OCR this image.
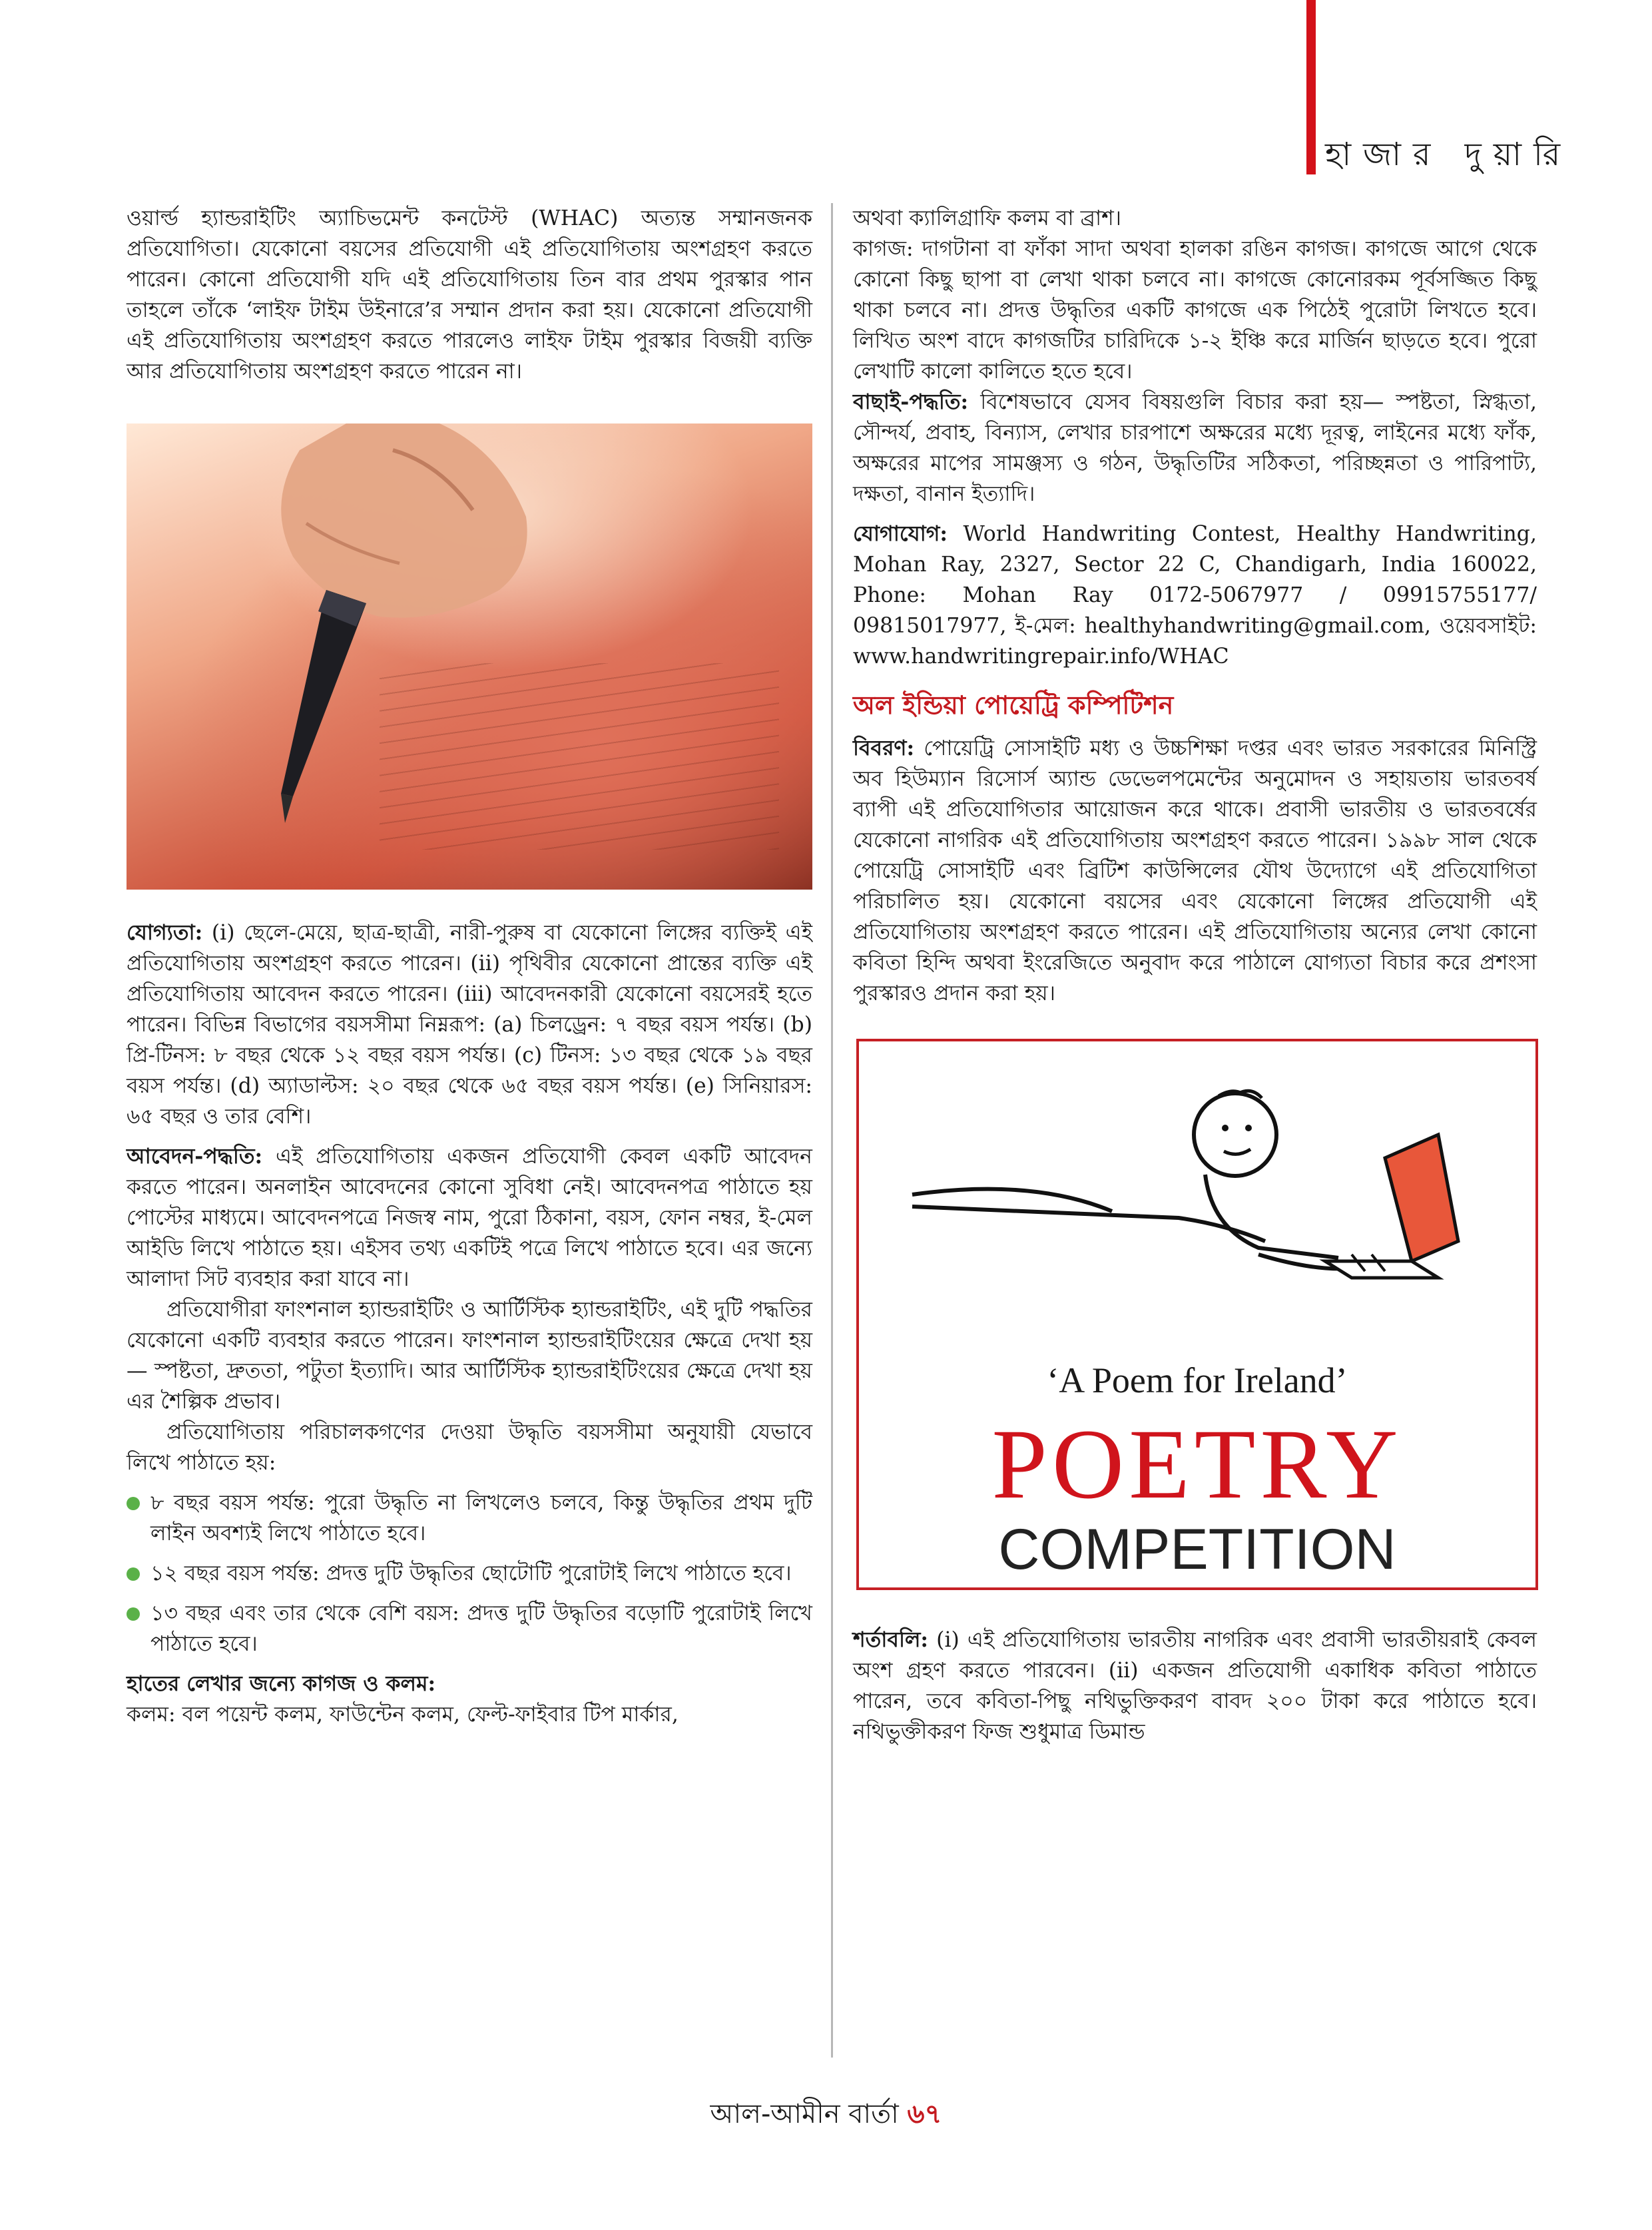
হাজার দুয়ারি

ওয়ার্ল্ড হ্যান্ডরাইটিং অ্যাচিভমেন্ট কনটেস্ট (WHAC) অত্যন্ত সম্মানজনক প্রতিযোগিতা। যেকোনো বয়সের প্রতিযোগী এই প্রতিযোগিতায় অংশগ্রহণ করতে পারেন। কোনো প্রতিযোগী যদি এই প্রতিযোগিতায় তিন বার প্রথম পুরস্কার পান তাহলে তাঁকে ‘লাইফ টাইম উইনারে’র সম্মান প্রদান করা হয়। যেকোনো প্রতিযোগী এই প্রতিযোগিতায় অংশগ্রহণ করতে পারলেও লাইফ টাইম পুরস্কার বিজয়ী ব্যক্তি আর প্রতিযোগিতায় অংশগ্রহণ করতে পারেন না।

যোগ্যতা: (i) ছেলে-মেয়ে, ছাত্র-ছাত্রী, নারী-পুরুষ বা যেকোনো লিঙ্গের ব্যক্তিই এই প্রতিযোগিতায় অংশগ্রহণ করতে পারেন। (ii) পৃথিবীর যেকোনো প্রান্তের ব্যক্তি এই প্রতিযোগিতায় আবেদন করতে পারেন। (iii) আবেদনকারী যেকোনো বয়সেরই হতে পারেন। বিভিন্ন বিভাগের বয়সসীমা নিম্নরূপ: (a) চিলড্রেন: ৭ বছর বয়স পর্যন্ত। (b) প্রি-টিনস: ৮ বছর থেকে ১২ বছর বয়স পর্যন্ত। (c) টিনস: ১৩ বছর থেকে ১৯ বছর বয়স পর্যন্ত। (d) অ্যাডাল্টস: ২০ বছর থেকে ৬৫ বছর বয়স পর্যন্ত। (e) সিনিয়ারস: ৬৫ বছর ও তার বেশি।

আবেদন-পদ্ধতি: এই প্রতিযোগিতায় একজন প্রতিযোগী কেবল একটি আবেদন করতে পারেন। অনলাইন আবেদনের কোনো সুবিধা নেই। আবেদনপত্র পাঠাতে হয় পোস্টের মাধ্যমে। আবেদনপত্রে নিজস্ব নাম, পুরো ঠিকানা, বয়স, ফোন নম্বর, ই-মেল আইডি লিখে পাঠাতে হয়। এইসব তথ্য একটিই পত্রে লিখে পাঠাতে হবে। এর জন্যে আলাদা সিট ব্যবহার করা যাবে না।

প্রতিযোগীরা ফাংশনাল হ্যান্ডরাইটিং ও আর্টিস্টিক হ্যান্ডরাইটিং, এই দুটি পদ্ধতির যেকোনো একটি ব্যবহার করতে পারেন। ফাংশনাল হ্যান্ডরাইটিংয়ের ক্ষেত্রে দেখা হয়— স্পষ্টতা, দ্রুততা, পটুতা ইত্যাদি। আর আর্টিস্টিক হ্যান্ডরাইটিংয়ের ক্ষেত্রে দেখা হয় এর শৈল্পিক প্রভাব।

প্রতিযোগিতায় পরিচালকগণের দেওয়া উদ্ধৃতি বয়সসীমা অনুযায়ী যেভাবে লিখে পাঠাতে হয়:

৮ বছর বয়স পর্যন্ত: পুরো উদ্ধৃতি না লিখলেও চলবে, কিন্তু উদ্ধৃতির প্রথম দুটি লাইন অবশ্যই লিখে পাঠাতে হবে।

১২ বছর বয়স পর্যন্ত: প্রদত্ত দুটি উদ্ধৃতির ছোটোটি পুরোটাই লিখে পাঠাতে হবে।

১৩ বছর এবং তার থেকে বেশি বয়স: প্রদত্ত দুটি উদ্ধৃতির বড়োটি পুরোটাই লিখে পাঠাতে হবে।

হাতের লেখার জন্যে কাগজ ও কলম:

কলম: বল পয়েন্ট কলম, ফাউন্টেন কলম, ফেল্ট-ফাইবার টিপ মার্কার,

অথবা ক্যালিগ্রাফি কলম বা ব্রাশ।

কাগজ: দাগটানা বা ফাঁকা সাদা অথবা হালকা রঙিন কাগজ। কাগজে আগে থেকে কোনো কিছু ছাপা বা লেখা থাকা চলবে না। কাগজে কোনোরকম পূর্বসজ্জিত কিছু থাকা চলবে না। প্রদত্ত উদ্ধৃতির একটি কাগজে এক পিঠেই পুরোটা লিখতে হবে। লিখিত অংশ বাদে কাগজটির চারিদিকে ১-২ ইঞ্চি করে মার্জিন ছাড়তে হবে। পুরো লেখাটি কালো কালিতে হতে হবে।

বাছাই-পদ্ধতি: বিশেষভাবে যেসব বিষয়গুলি বিচার করা হয়— স্পষ্টতা, স্নিগ্ধতা, সৌন্দর্য, প্রবাহ, বিন্যাস, লেখার চারপাশে অক্ষরের মধ্যে দূরত্ব, লাইনের মধ্যে ফাঁক, অক্ষরের মাপের সামঞ্জস্য ও গঠন, উদ্ধৃতিটির সঠিকতা, পরিচ্ছন্নতা ও পারিপাট্য, দক্ষতা, বানান ইত্যাদি।

যোগাযোগ: World Handwriting Contest, Healthy Handwriting, Mohan Ray, 2327, Sector 22 C, Chandigarh, India 160022, Phone: Mohan Ray 0172-5067977 / 09915755177/ 09815017977, ই-মেল: healthyhandwriting@gmail.com, ওয়েবসাইট: www.handwritingrepair.info/WHAC

অল ইন্ডিয়া পোয়েট্রি কম্পিটিশন

বিবরণ: পোয়েট্রি সোসাইটি মধ্য ও উচ্চশিক্ষা দপ্তর এবং ভারত সরকারের মিনিস্ট্রি অব হিউম্যান রিসোর্স অ্যান্ড ডেভেলপমেন্টের অনুমোদন ও সহায়তায় ভারতবর্ষ ব্যাপী এই প্রতিযোগিতার আয়োজন করে থাকে। প্রবাসী ভারতীয় ও ভারতবর্ষের যেকোনো নাগরিক এই প্রতিযোগিতায় অংশগ্রহণ করতে পারেন। ১৯৯৮ সাল থেকে পোয়েট্রি সোসাইটি এবং ব্রিটিশ কাউন্সিলের যৌথ উদ্যোগে এই প্রতিযোগিতা পরিচালিত হয়। যেকোনো বয়সের এবং যেকোনো লিঙ্গের প্রতিযোগী এই প্রতিযোগিতায় অংশগ্রহণ করতে পারেন। এই প্রতিযোগিতায় অন্যের লেখা কোনো কবিতা হিন্দি অথবা ইংরেজিতে অনুবাদ করে পাঠালে যোগ্যতা বিচার করে প্রশংসা পুরস্কারও প্রদান করা হয়।

‘A Poem for Ireland’
POETRY
COMPETITION

শর্তাবলি: (i) এই প্রতিযোগিতায় ভারতীয় নাগরিক এবং প্রবাসী ভারতীয়রাই কেবল অংশ গ্রহণ করতে পারবেন। (ii) একজন প্রতিযোগী একাধিক কবিতা পাঠাতে পারেন, তবে কবিতা-পিছু নথিভুক্তিকরণ বাবদ ২০০ টাকা করে পাঠাতে হবে। নথিভুক্তীকরণ ফিজ শুধুমাত্র ডিমান্ড

আল-আমীন বার্তা ৬৭
